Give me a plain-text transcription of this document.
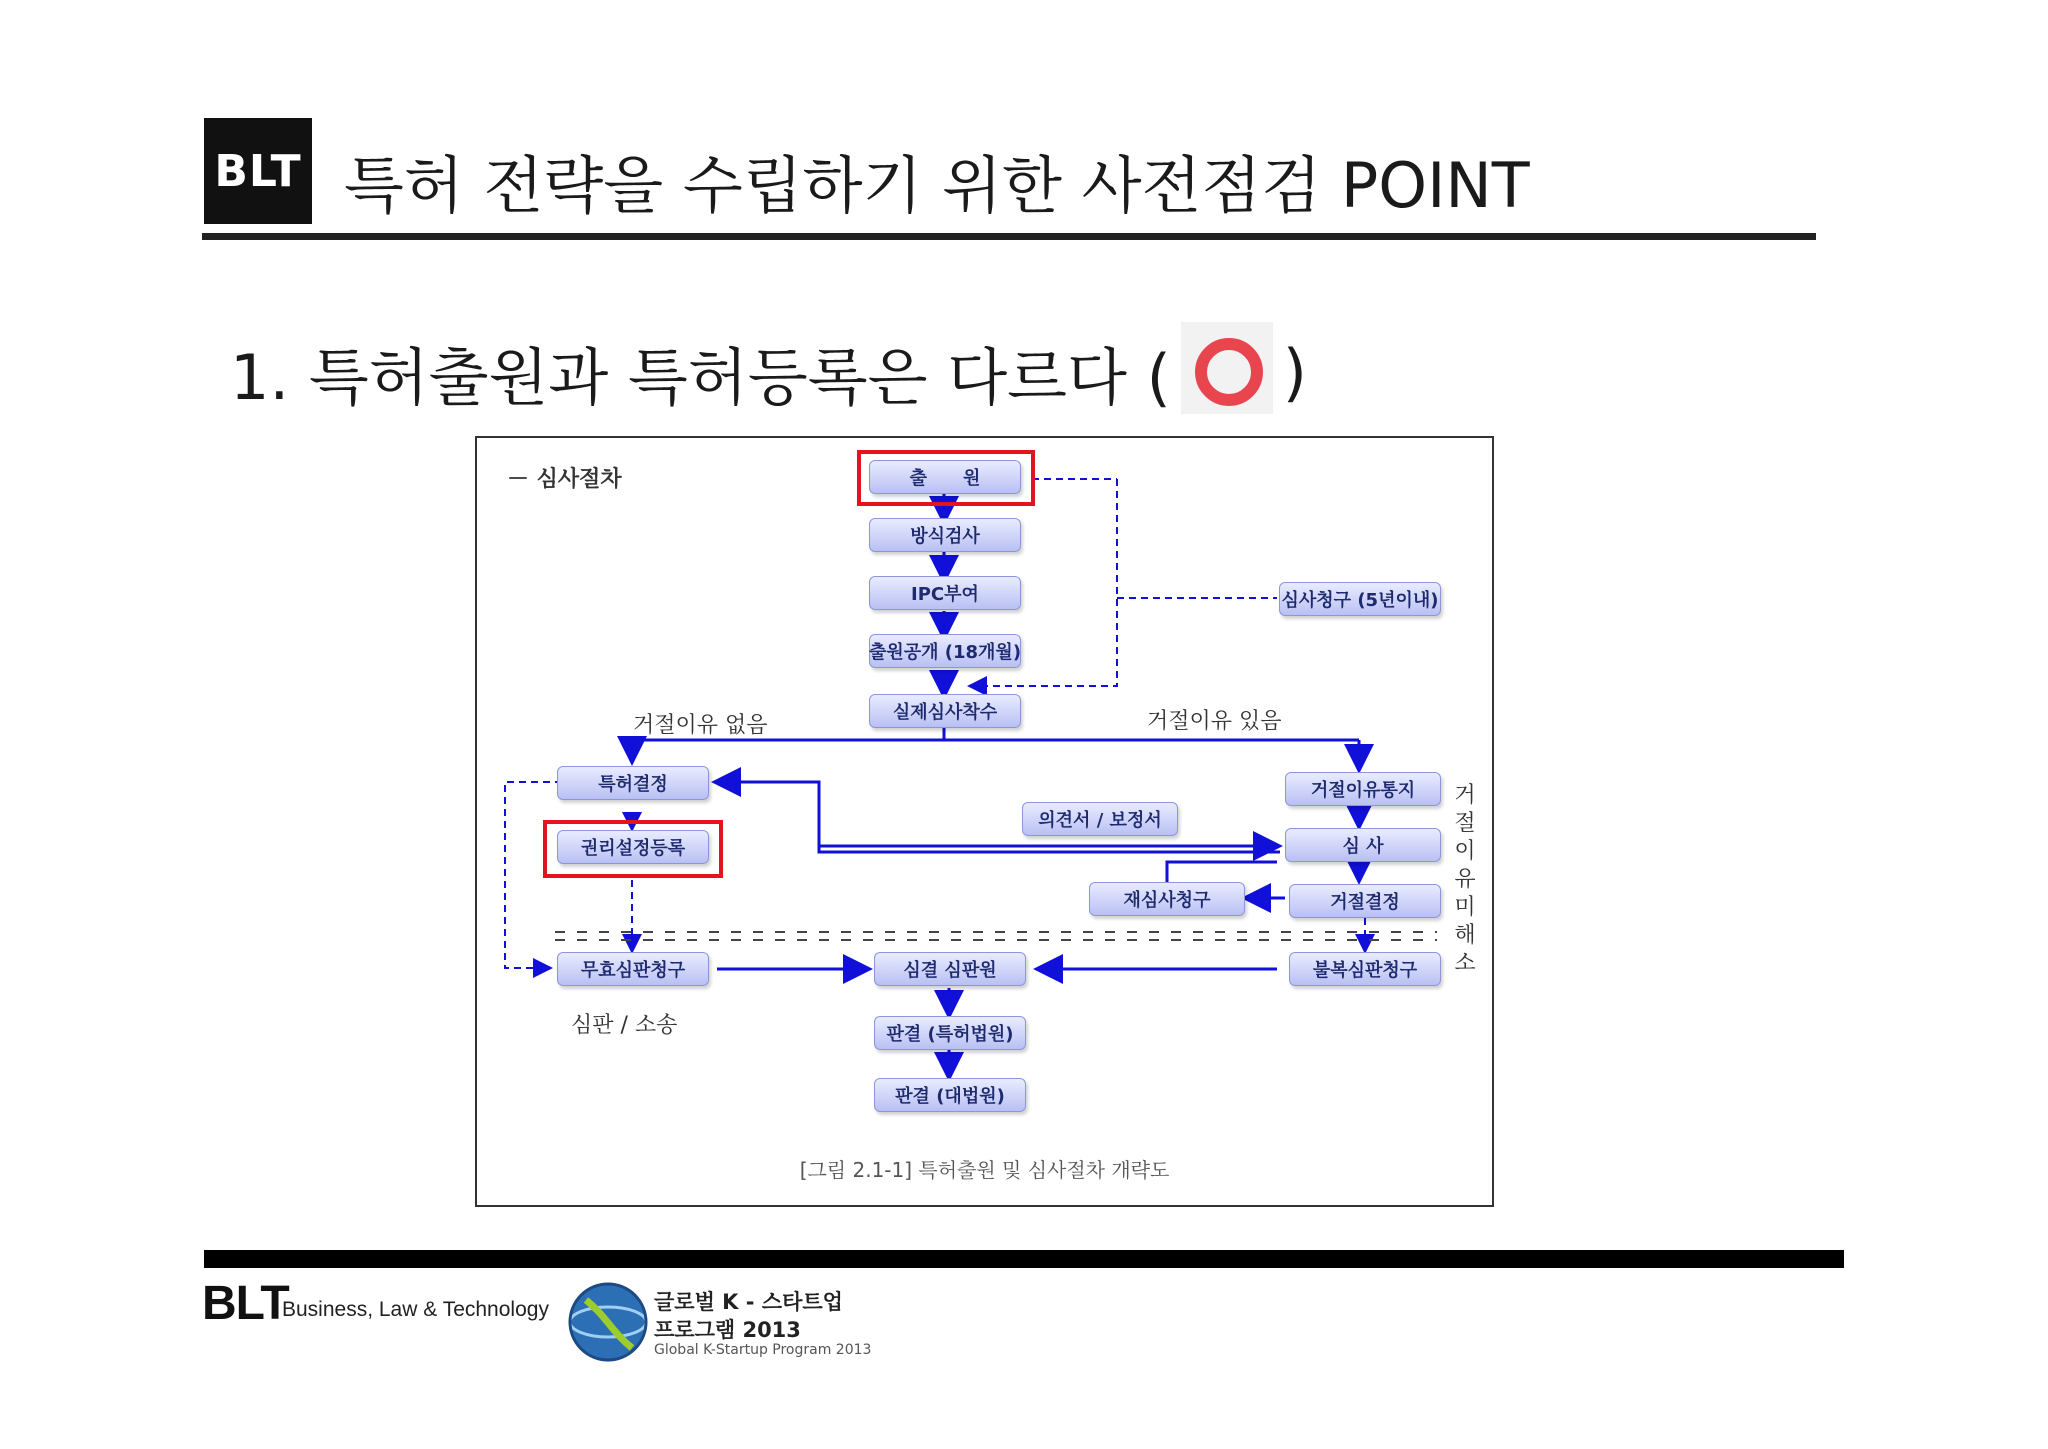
BLT 특허 전략을 수립하기 위한 사전점검 POINT
1. 특허출원과 특허등록은 다르다 ( )
－ 심사절차	출　　원
방식검사
IPC부여
출원공개 (18개월)
심사청구 (5년이내)
실제심사착수
거절이유 없음	거절이유 있음
특허결정
권리설정등록
거절이유통지
의견서 / 보정서
심 사
재심사청구	거절결정
거절이유미해소
무효심판청구	심결 심판원	불복심판청구
심판 / 소송	판결 (특허법원)
판결 (대법원)
[그림 2.1-1] 특허출원 및 심사절차 개략도
BLT
Business, Law & Technology	글로벌 K - 스타트업
프로그램 2013
Global K-Startup Program 2013
